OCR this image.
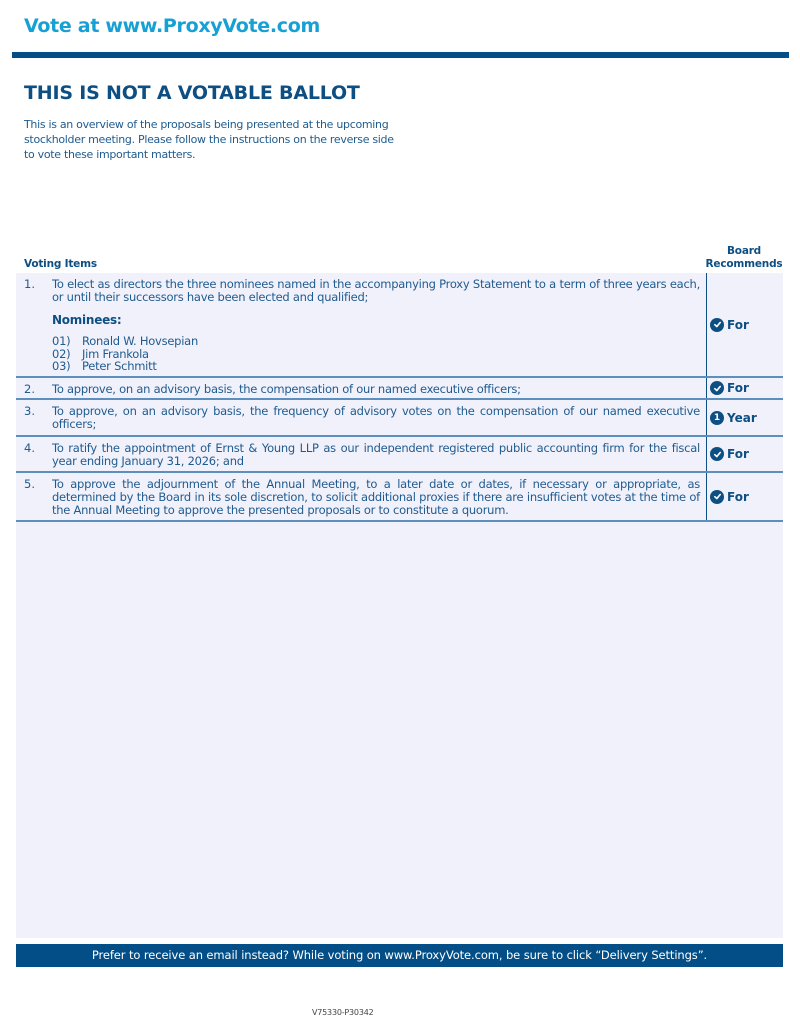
Vote at www.ProxyVote.com
THIS IS NOT A VOTABLE BALLOT
This is an overview of the proposals being presented at the upcoming stockholder meeting. Please follow the instructions on the reverse side to vote these important matters.
Voting Items
Board Recommends
1.	To elect as directors the three nominees named in the accompanying Proxy Statement to a term of three years each, or until their successors have been elected and qualified;
Nominees:
01)	Ronald W. Hovsepian
02)	Jim Frankola
03)	Peter Schmitt
For
2.	To approve, on an advisory basis, the compensation of our named executive officers;	For
3.	To approve, on an advisory basis, the frequency of advisory votes on the compensation of our named executive officers;	1 Year
4.	To ratify the appointment of Ernst & Young LLP as our independent registered public accounting firm for the fiscal year ending January 31, 2026; and	For
5.	To approve the adjournment of the Annual Meeting, to a later date or dates, if necessary or appropriate, as determined by the Board in its sole discretion, to solicit additional proxies if there are insufficient votes at the time of the Annual Meeting to approve the presented proposals or to constitute a quorum.
For
Prefer to receive an email instead? While voting on www.ProxyVote.com, be sure to click “Delivery Settings”.
V75330-P30342
